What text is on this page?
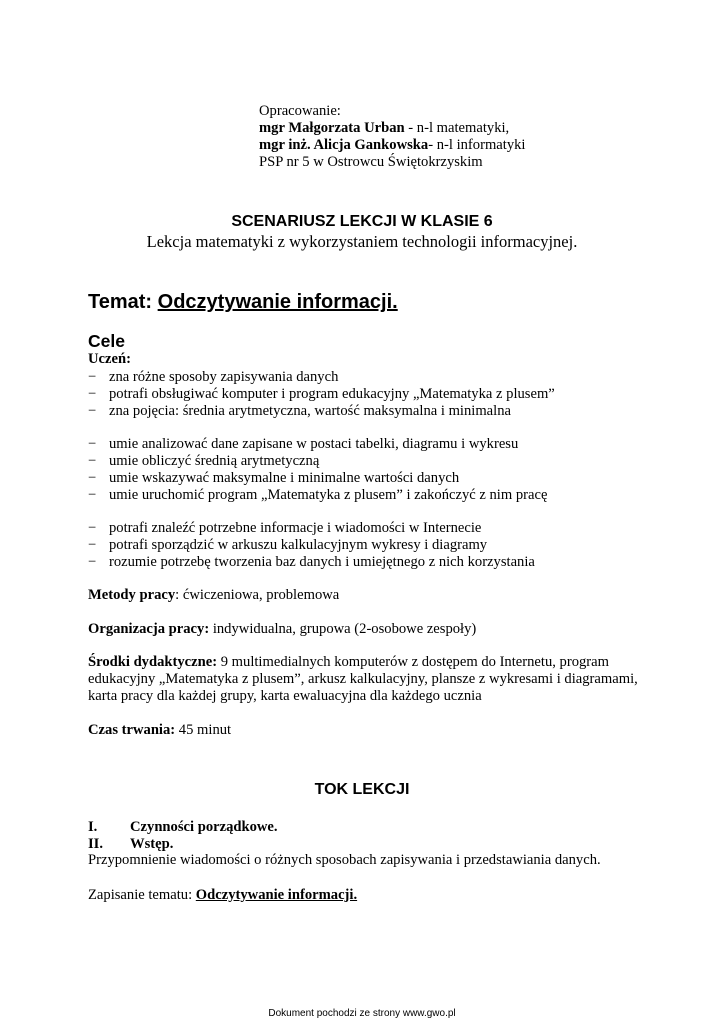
Opracowanie:
mgr Małgorzata Urban - n-l matematyki,
mgr inż. Alicja Gankowska- n-l informatyki
PSP nr 5 w Ostrowcu Świętokrzyskim
SCENARIUSZ LEKCJI W KLASIE 6
Lekcja matematyki z wykorzystaniem technologii informacyjnej.
Temat: Odczytywanie informacji.
Cele
Uczeń:
− zna różne sposoby zapisywania danych
− potrafi obsługiwać komputer i program edukacyjny „Matematyka z plusem”
− zna pojęcia: średnia arytmetyczna, wartość maksymalna i minimalna
− umie analizować dane zapisane w postaci tabelki, diagramu i wykresu
− umie obliczyć średnią arytmetyczną
− umie wskazywać maksymalne i minimalne wartości danych
− umie uruchomić program „Matematyka z plusem” i zakończyć z nim pracę
− potrafi znaleźć potrzebne informacje i wiadomości w Internecie
− potrafi sporządzić w arkuszu kalkulacyjnym wykresy i diagramy
− rozumie potrzebę tworzenia baz danych i umiejętnego z nich korzystania
Metody pracy: ćwiczeniowa, problemowa
Organizacja pracy: indywidualna, grupowa (2-osobowe zespoły)
Środki dydaktyczne: 9 multimedialnych komputerów z dostępem do Internetu, program
edukacyjny „Matematyka z plusem”, arkusz kalkulacyjny, plansze z wykresami i diagramami,
karta pracy dla każdej grupy, karta ewaluacyjna dla każdego ucznia
Czas trwania: 45 minut
TOK LEKCJI
I. Czynności porządkowe.
II. Wstęp.
Przypomnienie wiadomości o różnych sposobach zapisywania i przedstawiania danych.
Zapisanie tematu: Odczytywanie informacji.
Dokument pochodzi ze strony www.gwo.pl
